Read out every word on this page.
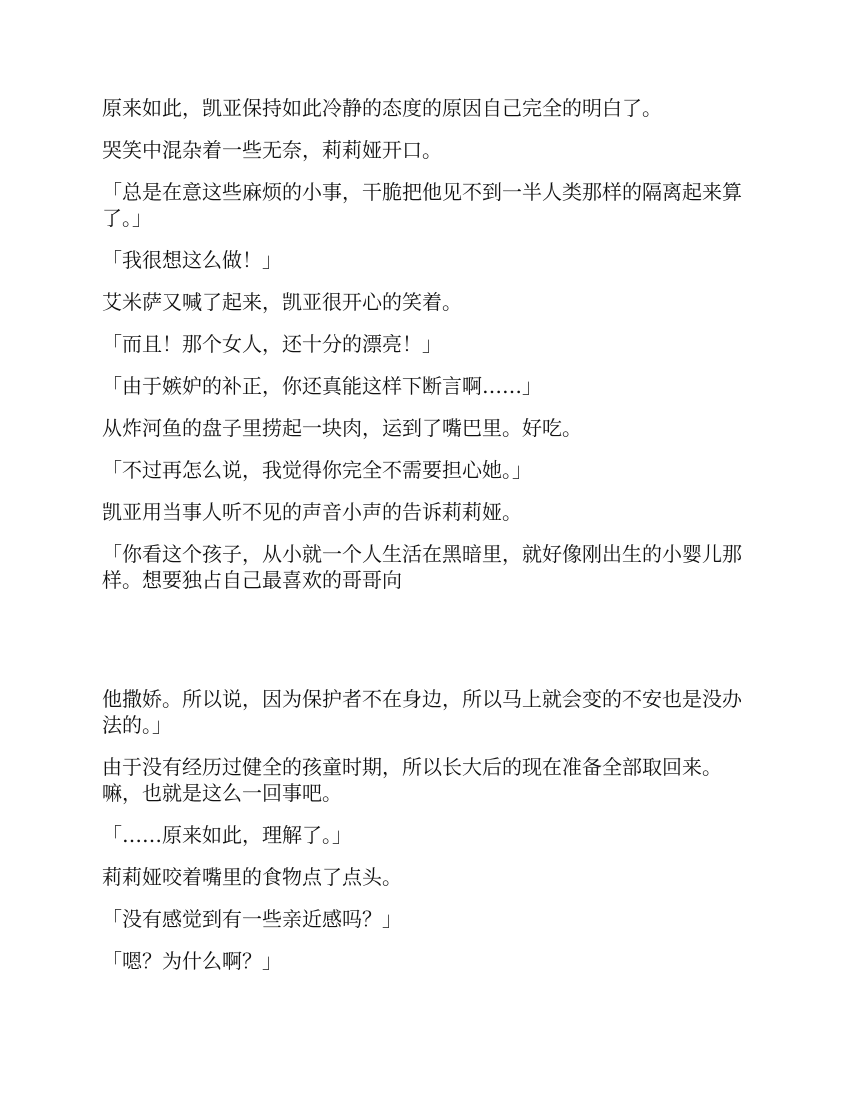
原来如此，凯亚保持如此冷静的态度的原因自己完全的明白了。

哭笑中混杂着一些无奈，莉莉娅开口。

「总是在意这些麻烦的小事，干脆把他见不到一半人类那样的隔离起来算了。」

「我很想这么做！」

艾米萨又喊了起来，凯亚很开心的笑着。

「而且！那个女人，还十分的漂亮！」

「由于嫉妒的补正，你还真能这样下断言啊……」

从炸河鱼的盘子里捞起一块肉，运到了嘴巴里。好吃。

「不过再怎么说，我觉得你完全不需要担心她。」

凯亚用当事人听不见的声音小声的告诉莉莉娅。

「你看这个孩子，从小就一个人生活在黑暗里，就好像刚出生的小婴儿那样。想要独占自己最喜欢的哥哥向

他撒娇。所以说，因为保护者不在身边，所以马上就会变的不安也是没办法的。」

由于没有经历过健全的孩童时期，所以长大后的现在准备全部取回来。嘛，也就是这么一回事吧。

「……原来如此，理解了。」

莉莉娅咬着嘴里的食物点了点头。

「没有感觉到有一些亲近感吗？」

「嗯？为什么啊？」
